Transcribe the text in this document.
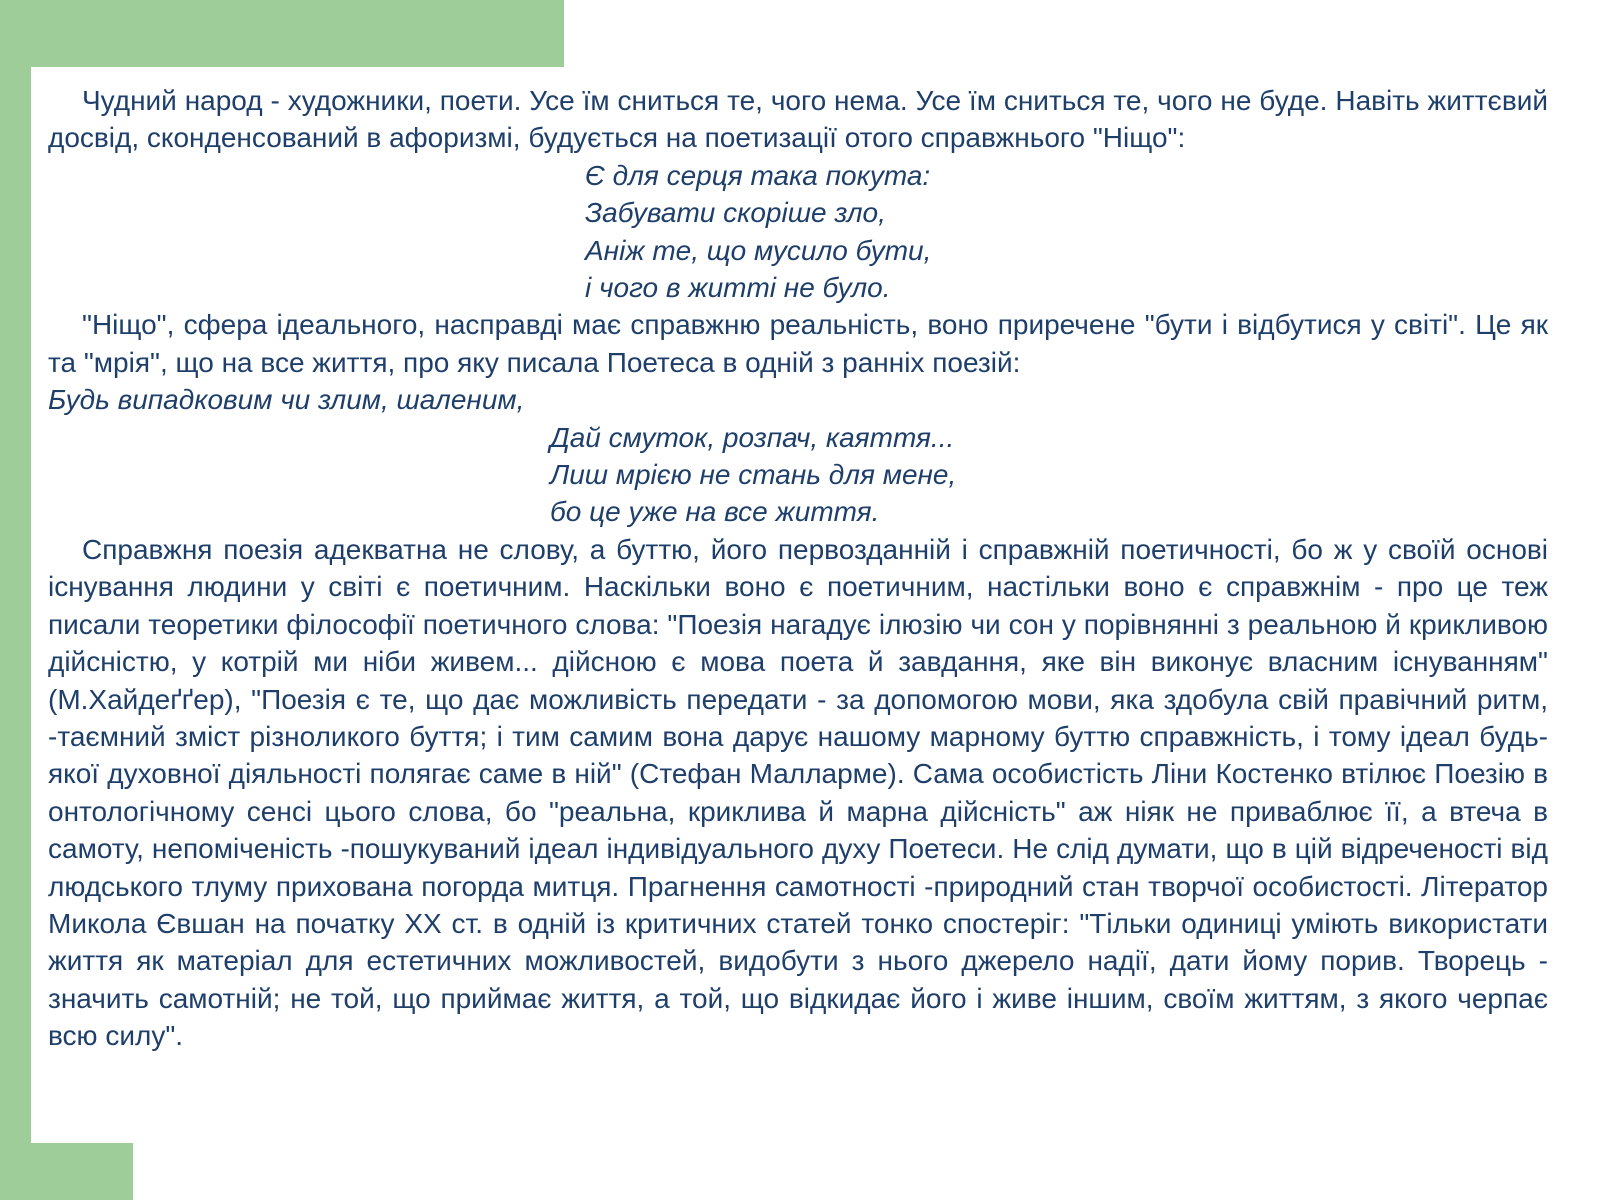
Чудний народ - художники, поети. Усе їм сниться те, чого нема. Усе їм сниться те, чого не буде. Навіть життєвий досвід, сконденсований в афоризмі, будується на поетизації отого справжнього "Ніщо":

Є для серця така покута:
Забувати скоріше зло,
Аніж те, що мусило бути,
і чого в житті не було.

"Ніщо", сфера ідеального, насправді має справжню реальність, воно приречене "бути і відбутися у світі". Це як та "мрія", що на все життя, про яку писала Поетеса в одній з ранніх поезій:

Будь випадковим чи злим, шаленим,
Дай смуток, розпач, каяття...
Лиш мрією не стань для мене,
бо це уже на все життя.

Справжня поезія адекватна не слову, а буттю, його первозданній і справжній поетичності, бо ж у своїй основі існування людини у світі є поетичним. Наскільки воно є поетичним, настільки воно є справжнім - про це теж писали теоретики філософії поетичного слова: "Поезія нагадує ілюзію чи сон у порівнянні з реальною й крикливою дійсністю, у котрій ми ніби живем... дійсною є мова поета й завдання, яке він виконує власним існуванням" (М.Хайдеґґер), "Поезія є те, що дає можливість передати - за допомогою мови, яка здобула свій правічний ритм, -таємний зміст різноликого буття; і тим самим вона дарує нашому марному буттю справжність, і тому ідеал будь-якої духовної діяльності полягає саме в ній" (Стефан Малларме). Сама особистість Ліни Костенко втілює Поезію в онтологічному сенсі цього слова, бо "реальна, криклива й марна дійсність" аж ніяк не приваблює її, а втеча в самоту, непоміченість -пошукуваний ідеал індивідуального духу Поетеси. Не слід думати, що в цій відреченості від людського тлуму прихована погорда митця. Прагнення самотності -природний стан творчої особистості. Літератор Микола Євшан на початку XX ст. в одній із критичних статей тонко спостеріг: "Тільки одиниці уміють використати життя як матеріал для естетичних можливостей, видобути з нього джерело надії, дати йому порив. Творець - значить самотній; не той, що приймає життя, а той, що відкидає його і живе іншим, своїм життям, з якого черпає всю силу".
